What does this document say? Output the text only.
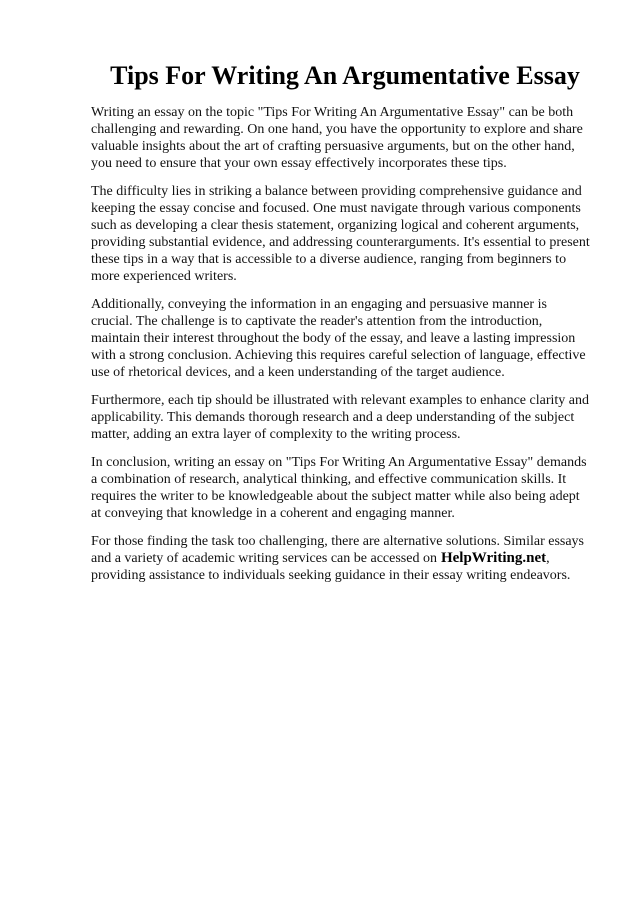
Tips For Writing An Argumentative Essay

Writing an essay on the topic "Tips For Writing An Argumentative Essay" can be both challenging and rewarding. On one hand, you have the opportunity to explore and share valuable insights about the art of crafting persuasive arguments, but on the other hand, you need to ensure that your own essay effectively incorporates these tips.

The difficulty lies in striking a balance between providing comprehensive guidance and keeping the essay concise and focused. One must navigate through various components such as developing a clear thesis statement, organizing logical and coherent arguments, providing substantial evidence, and addressing counterarguments. It's essential to present these tips in a way that is accessible to a diverse audience, ranging from beginners to more experienced writers.

Additionally, conveying the information in an engaging and persuasive manner is crucial. The challenge is to captivate the reader's attention from the introduction, maintain their interest throughout the body of the essay, and leave a lasting impression with a strong conclusion. Achieving this requires careful selection of language, effective use of rhetorical devices, and a keen understanding of the target audience.

Furthermore, each tip should be illustrated with relevant examples to enhance clarity and applicability. This demands thorough research and a deep understanding of the subject matter, adding an extra layer of complexity to the writing process.

In conclusion, writing an essay on "Tips For Writing An Argumentative Essay" demands a combination of research, analytical thinking, and effective communication skills. It requires the writer to be knowledgeable about the subject matter while also being adept at conveying that knowledge in a coherent and engaging manner.

For those finding the task too challenging, there are alternative solutions. Similar essays and a variety of academic writing services can be accessed on HelpWriting.net, providing assistance to individuals seeking guidance in their essay writing endeavors.
